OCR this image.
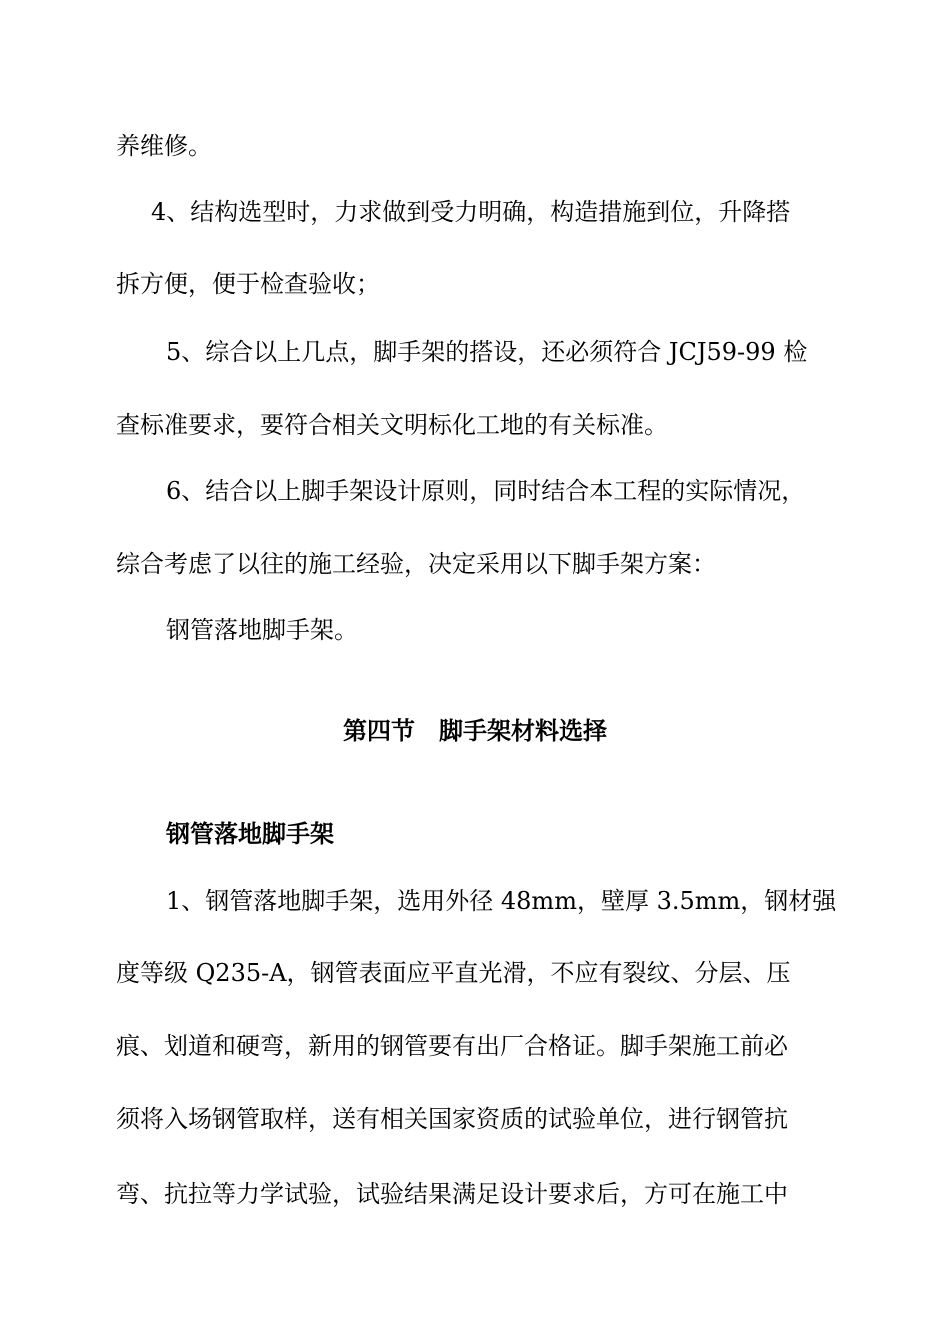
养维修。
4、结构选型时，力求做到受力明确，构造措施到位，升降搭
拆方便，便于检查验收；
5、综合以上几点，脚手架的搭设，还必须符合 JCJ59-99 检
查标准要求，要符合相关文明标化工地的有关标准。
6、结合以上脚手架设计原则，同时结合本工程的实际情况，
综合考虑了以往的施工经验，决定采用以下脚手架方案：
钢管落地脚手架。
第四节　脚手架材料选择
钢管落地脚手架
1、钢管落地脚手架，选用外径 48mm，壁厚 3.5mm，钢材强
度等级 Q235-A，钢管表面应平直光滑，不应有裂纹、分层、压
痕、划道和硬弯，新用的钢管要有出厂合格证。脚手架施工前必
须将入场钢管取样，送有相关国家资质的试验单位，进行钢管抗
弯、抗拉等力学试验，试验结果满足设计要求后，方可在施工中
